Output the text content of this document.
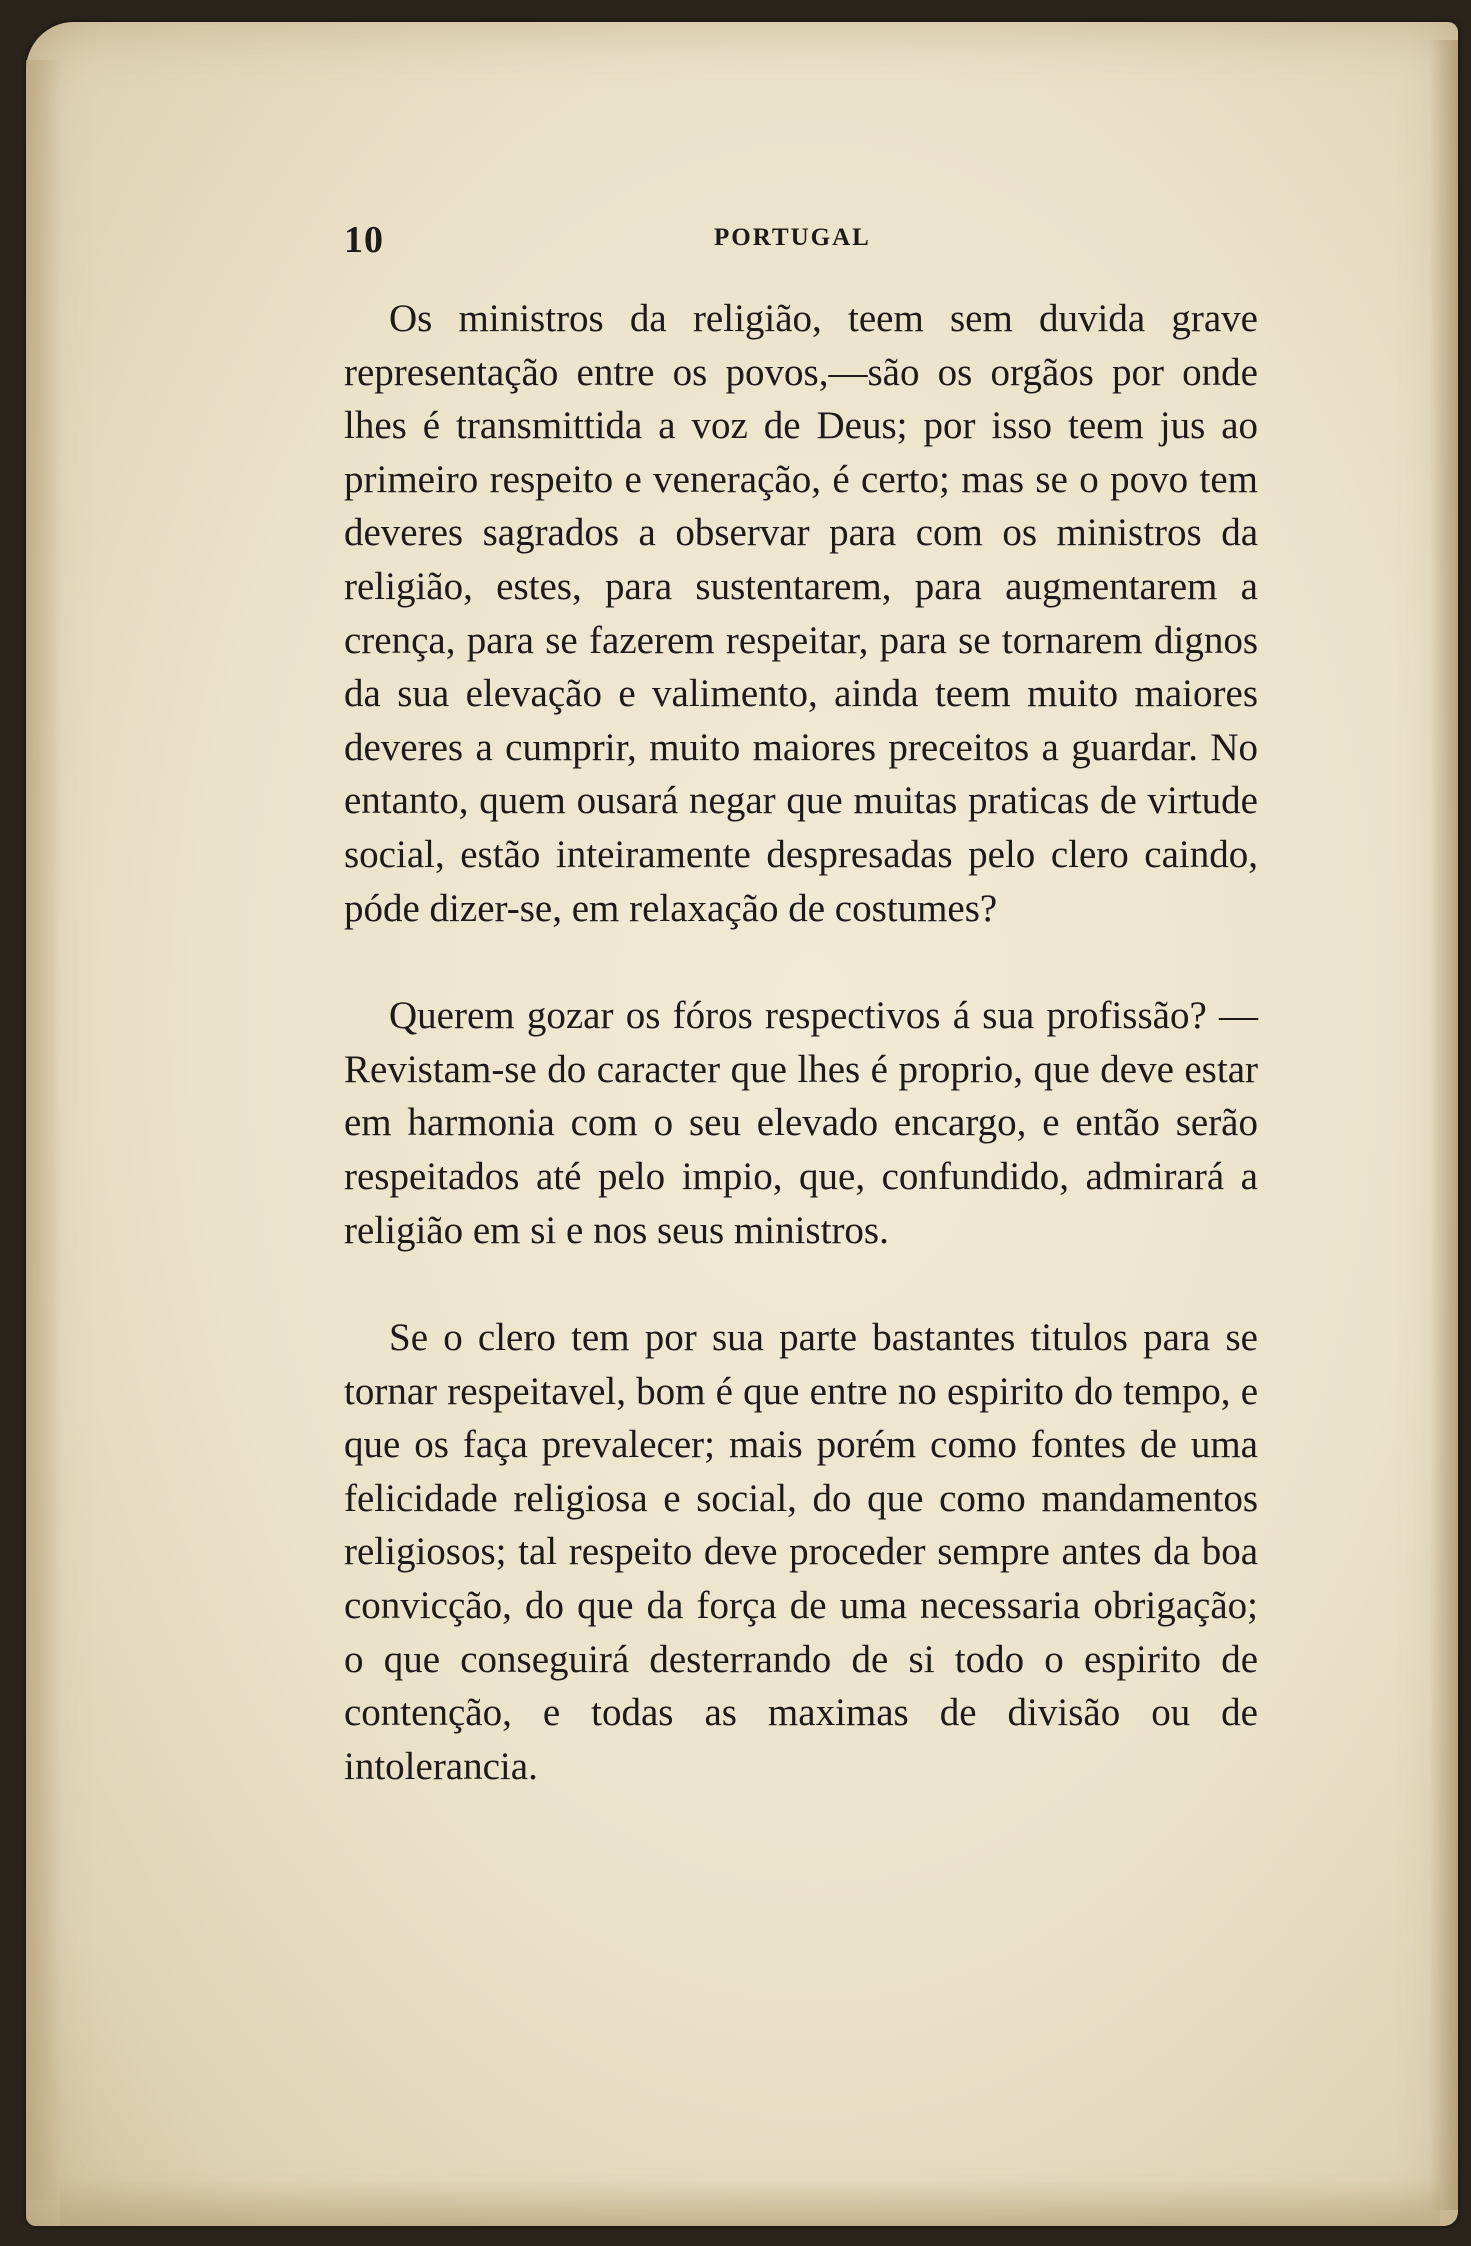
10	PORTUGAL

Os ministros da religião, teem sem duvida grave representação entre os povos,—são os orgãos por onde lhes é transmittida a voz de Deus; por isso teem jus ao primeiro respeito e veneração, é certo; mas se o povo tem deveres sagrados a observar para com os ministros da religião, estes, para sustentarem, para augmentarem a crença, para se fazerem respeitar, para se tornarem dignos da sua elevação e valimento, ainda teem muito maiores deveres a cumprir, muito maiores preceitos a guardar. No entanto, quem ousará negar que muitas praticas de virtude social, estão inteiramente despresadas pelo clero caindo, póde dizer-se, em relaxação de costumes?

Querem gozar os fóros respectivos á sua profissão? —Revistam-se do caracter que lhes é proprio, que deve estar em harmonia com o seu elevado encargo, e então serão respeitados até pelo impio, que, confundido, admirará a religião em si e nos seus ministros.

Se o clero tem por sua parte bastantes titulos para se tornar respeitavel, bom é que entre no espirito do tempo, e que os faça prevalecer; mais porém como fontes de uma felicidade religiosa e social, do que como mandamentos religiosos; tal respeito deve proceder sempre antes da boa convicção, do que da força de uma necessaria obrigação; o que conseguirá desterrando de si todo o espirito de contenção, e todas as maximas de divisão ou de intolerancia.
